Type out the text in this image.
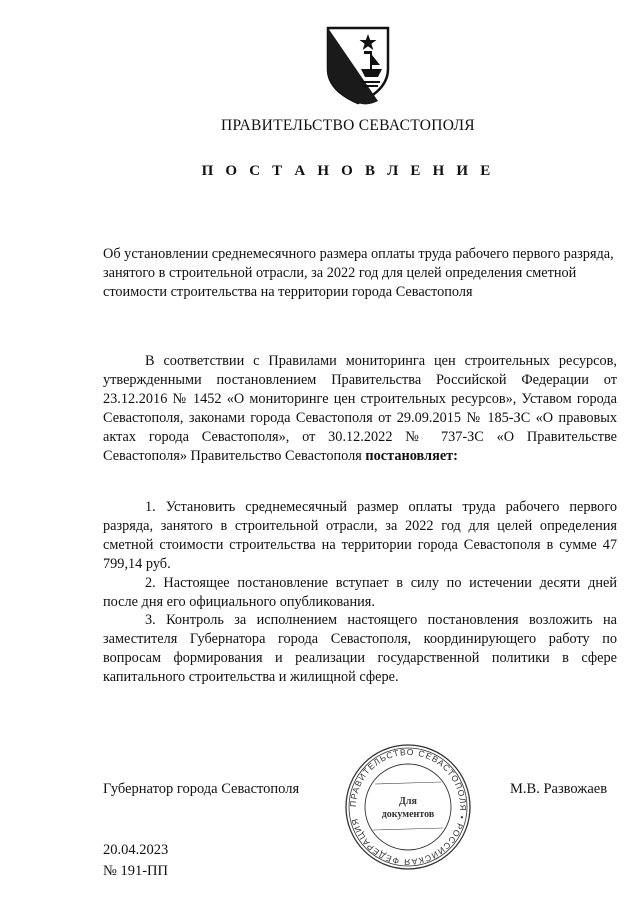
ПРАВИТЕЛЬСТВО СЕВАСТОПОЛЯ
П О С Т А Н О В Л Е Н И Е
Об установлении среднемесячного размера оплаты труда рабочего первого разряда, занятого в строительной отрасли, за 2022 год для целей определения сметной стоимости строительства на территории города Севастополя
В соответствии с Правилами мониторинга цен строительных ресурсов, утвержденными постановлением Правительства Российской Федерации от 23.12.2016 № 1452 «О мониторинге цен строительных ресурсов», Уставом города Севастополя, законами города Севастополя от 29.09.2015 № 185-ЗС «О правовых актах города Севастополя», от 30.12.2022 № 737-ЗС «О Правительстве Севастополя» Правительство Севастополя постановляет:
1. Установить среднемесячный размер оплаты труда рабочего первого разряда, занятого в строительной отрасли, за 2022 год для целей определения сметной стоимости строительства на территории города Севастополя в сумме 47 799,14 руб.
2. Настоящее постановление вступает в силу по истечении десяти дней после дня его официального опубликования.
3. Контроль за исполнением настоящего постановления возложить на заместителя Губернатора города Севастополя, координирующего работу по вопросам формирования и реализации государственной политики в сфере капитального строительства и жилищной сфере.
Губернатор города Севастополя
ПРАВИТЕЛЬСТВО СЕВАСТОПОЛЯ • РОССИЙСКАЯ ФЕДЕРАЦИЯ
Для
документов
М.В. Развожаев
20.04.2023
№ 191-ПП
